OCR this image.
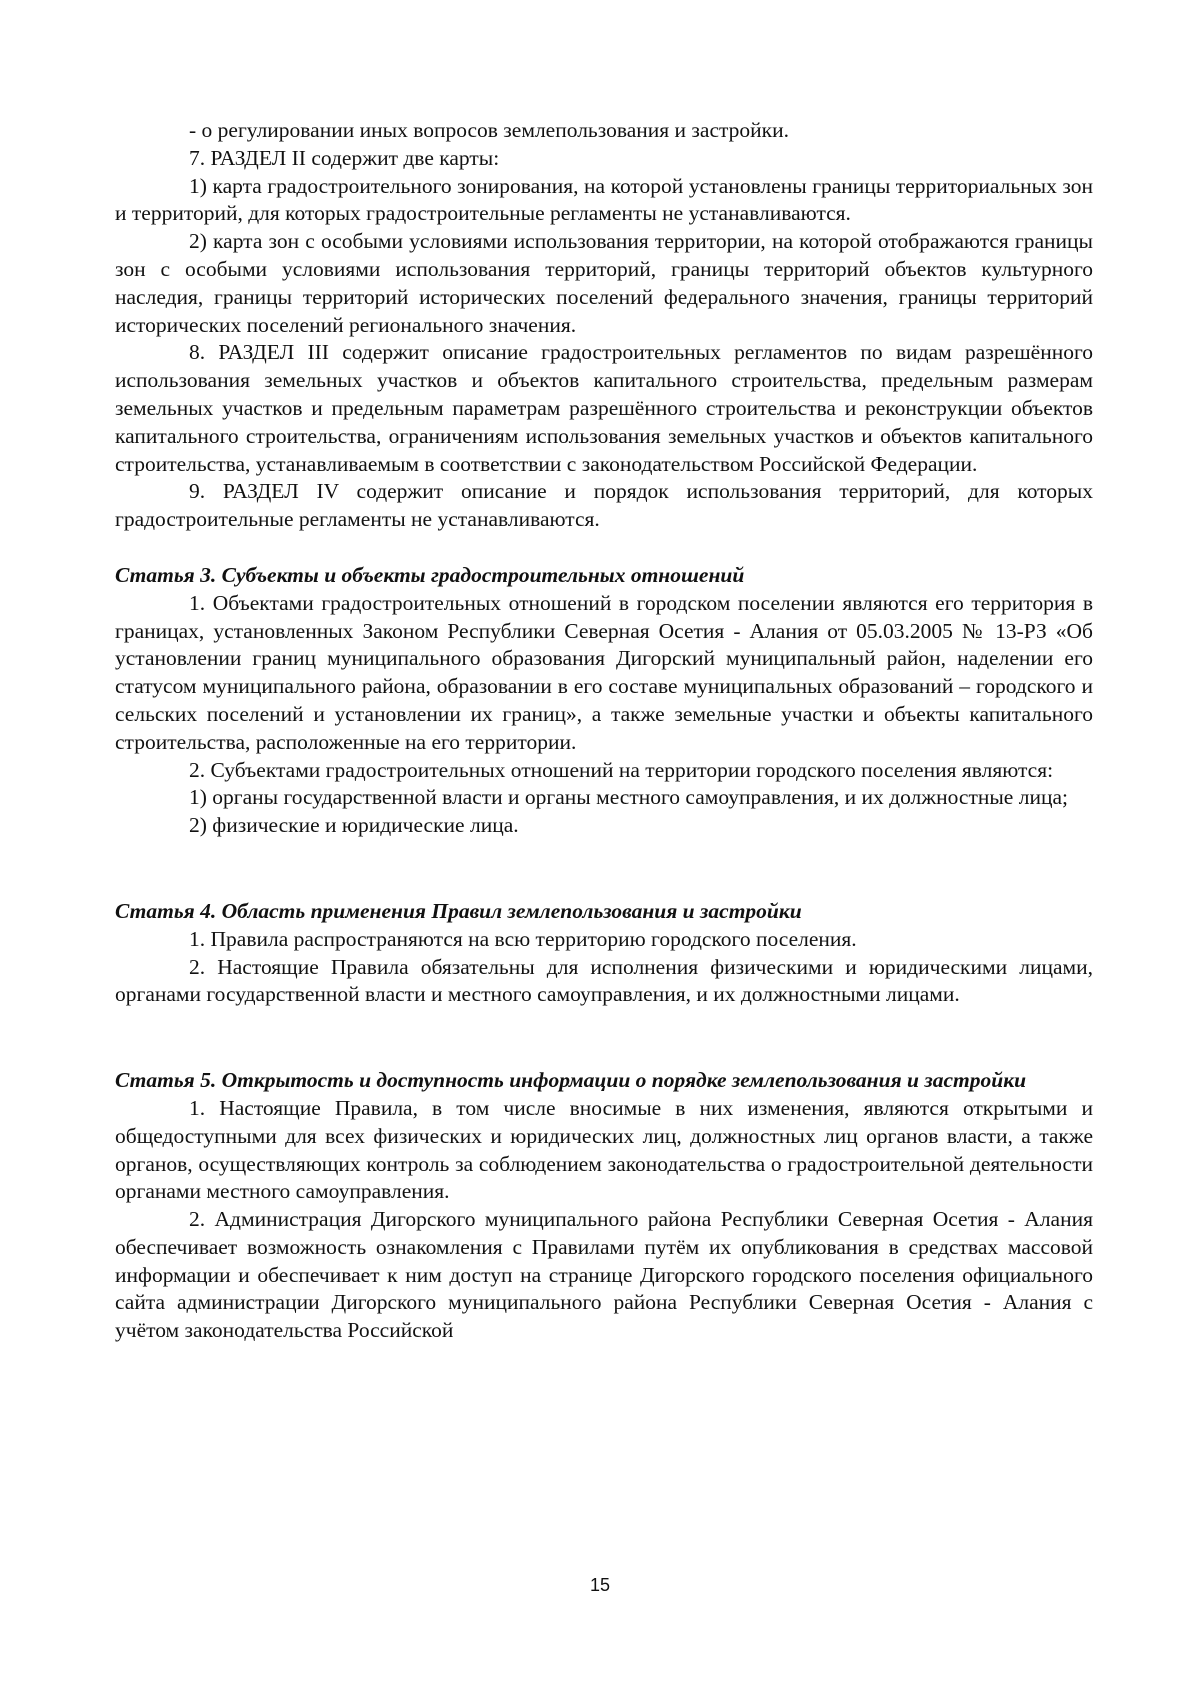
- о регулировании иных вопросов землепользования и застройки.

7. РАЗДЕЛ II содержит две карты:

1) карта градостроительного зонирования, на которой установлены границы территориальных зон и территорий, для которых градостроительные регламенты не устанавливаются.

2) карта зон с особыми условиями использования территории, на которой отображаются границы зон с особыми условиями использования территорий, границы территорий объектов культурного наследия, границы территорий исторических поселений федерального значения, границы территорий исторических поселений регионального значения.

8. РАЗДЕЛ III содержит описание градостроительных регламентов по видам разрешённого использования земельных участков и объектов капитального строительства, предельным размерам земельных участков и предельным параметрам разрешённого строительства и реконструкции объектов капитального строительства, ограничениям использования земельных участков и объектов капитального строительства, устанавливаемым в соответствии с законодательством Российской Федерации.

9. РАЗДЕЛ IV содержит описание и порядок использования территорий, для которых градостроительные регламенты не устанавливаются.

Статья 3. Субъекты и объекты градостроительных отношений

1. Объектами градостроительных отношений в городском поселении являются его территория в границах, установленных Законом Республики Северная Осетия - Алания от 05.03.2005 № 13-РЗ «Об установлении границ муниципального образования Дигорский муниципальный район, наделении его статусом муниципального района, образовании в его составе муниципальных образований – городского и сельских поселений и установлении их границ», а также земельные участки и объекты капитального строительства, расположенные на его территории.

2. Субъектами градостроительных отношений на территории городского поселения являются:

1) органы государственной власти и органы местного самоуправления, и их должностные лица;

2) физические и юридические лица.

Статья 4. Область применения Правил землепользования и застройки

1. Правила распространяются на всю территорию городского поселения.

2. Настоящие Правила обязательны для исполнения физическими и юридическими лицами, органами государственной власти и местного самоуправления, и их должностными лицами.

Статья 5. Открытость и доступность информации о порядке землепользования и застройки

1. Настоящие Правила, в том числе вносимые в них изменения, являются открытыми и общедоступными для всех физических и юридических лиц, должностных лиц органов власти, а также органов, осуществляющих контроль за соблюдением законодательства о градостроительной деятельности органами местного самоуправления.

2. Администрация Дигорского муниципального района Республики Северная Осетия - Алания обеспечивает возможность ознакомления с Правилами путём их опубликования в средствах массовой информации и обеспечивает к ним доступ на странице Дигорского городского поселения официального сайта администрации Дигорского муниципального района Республики Северная Осетия - Алания с учётом законодательства Российской

15
